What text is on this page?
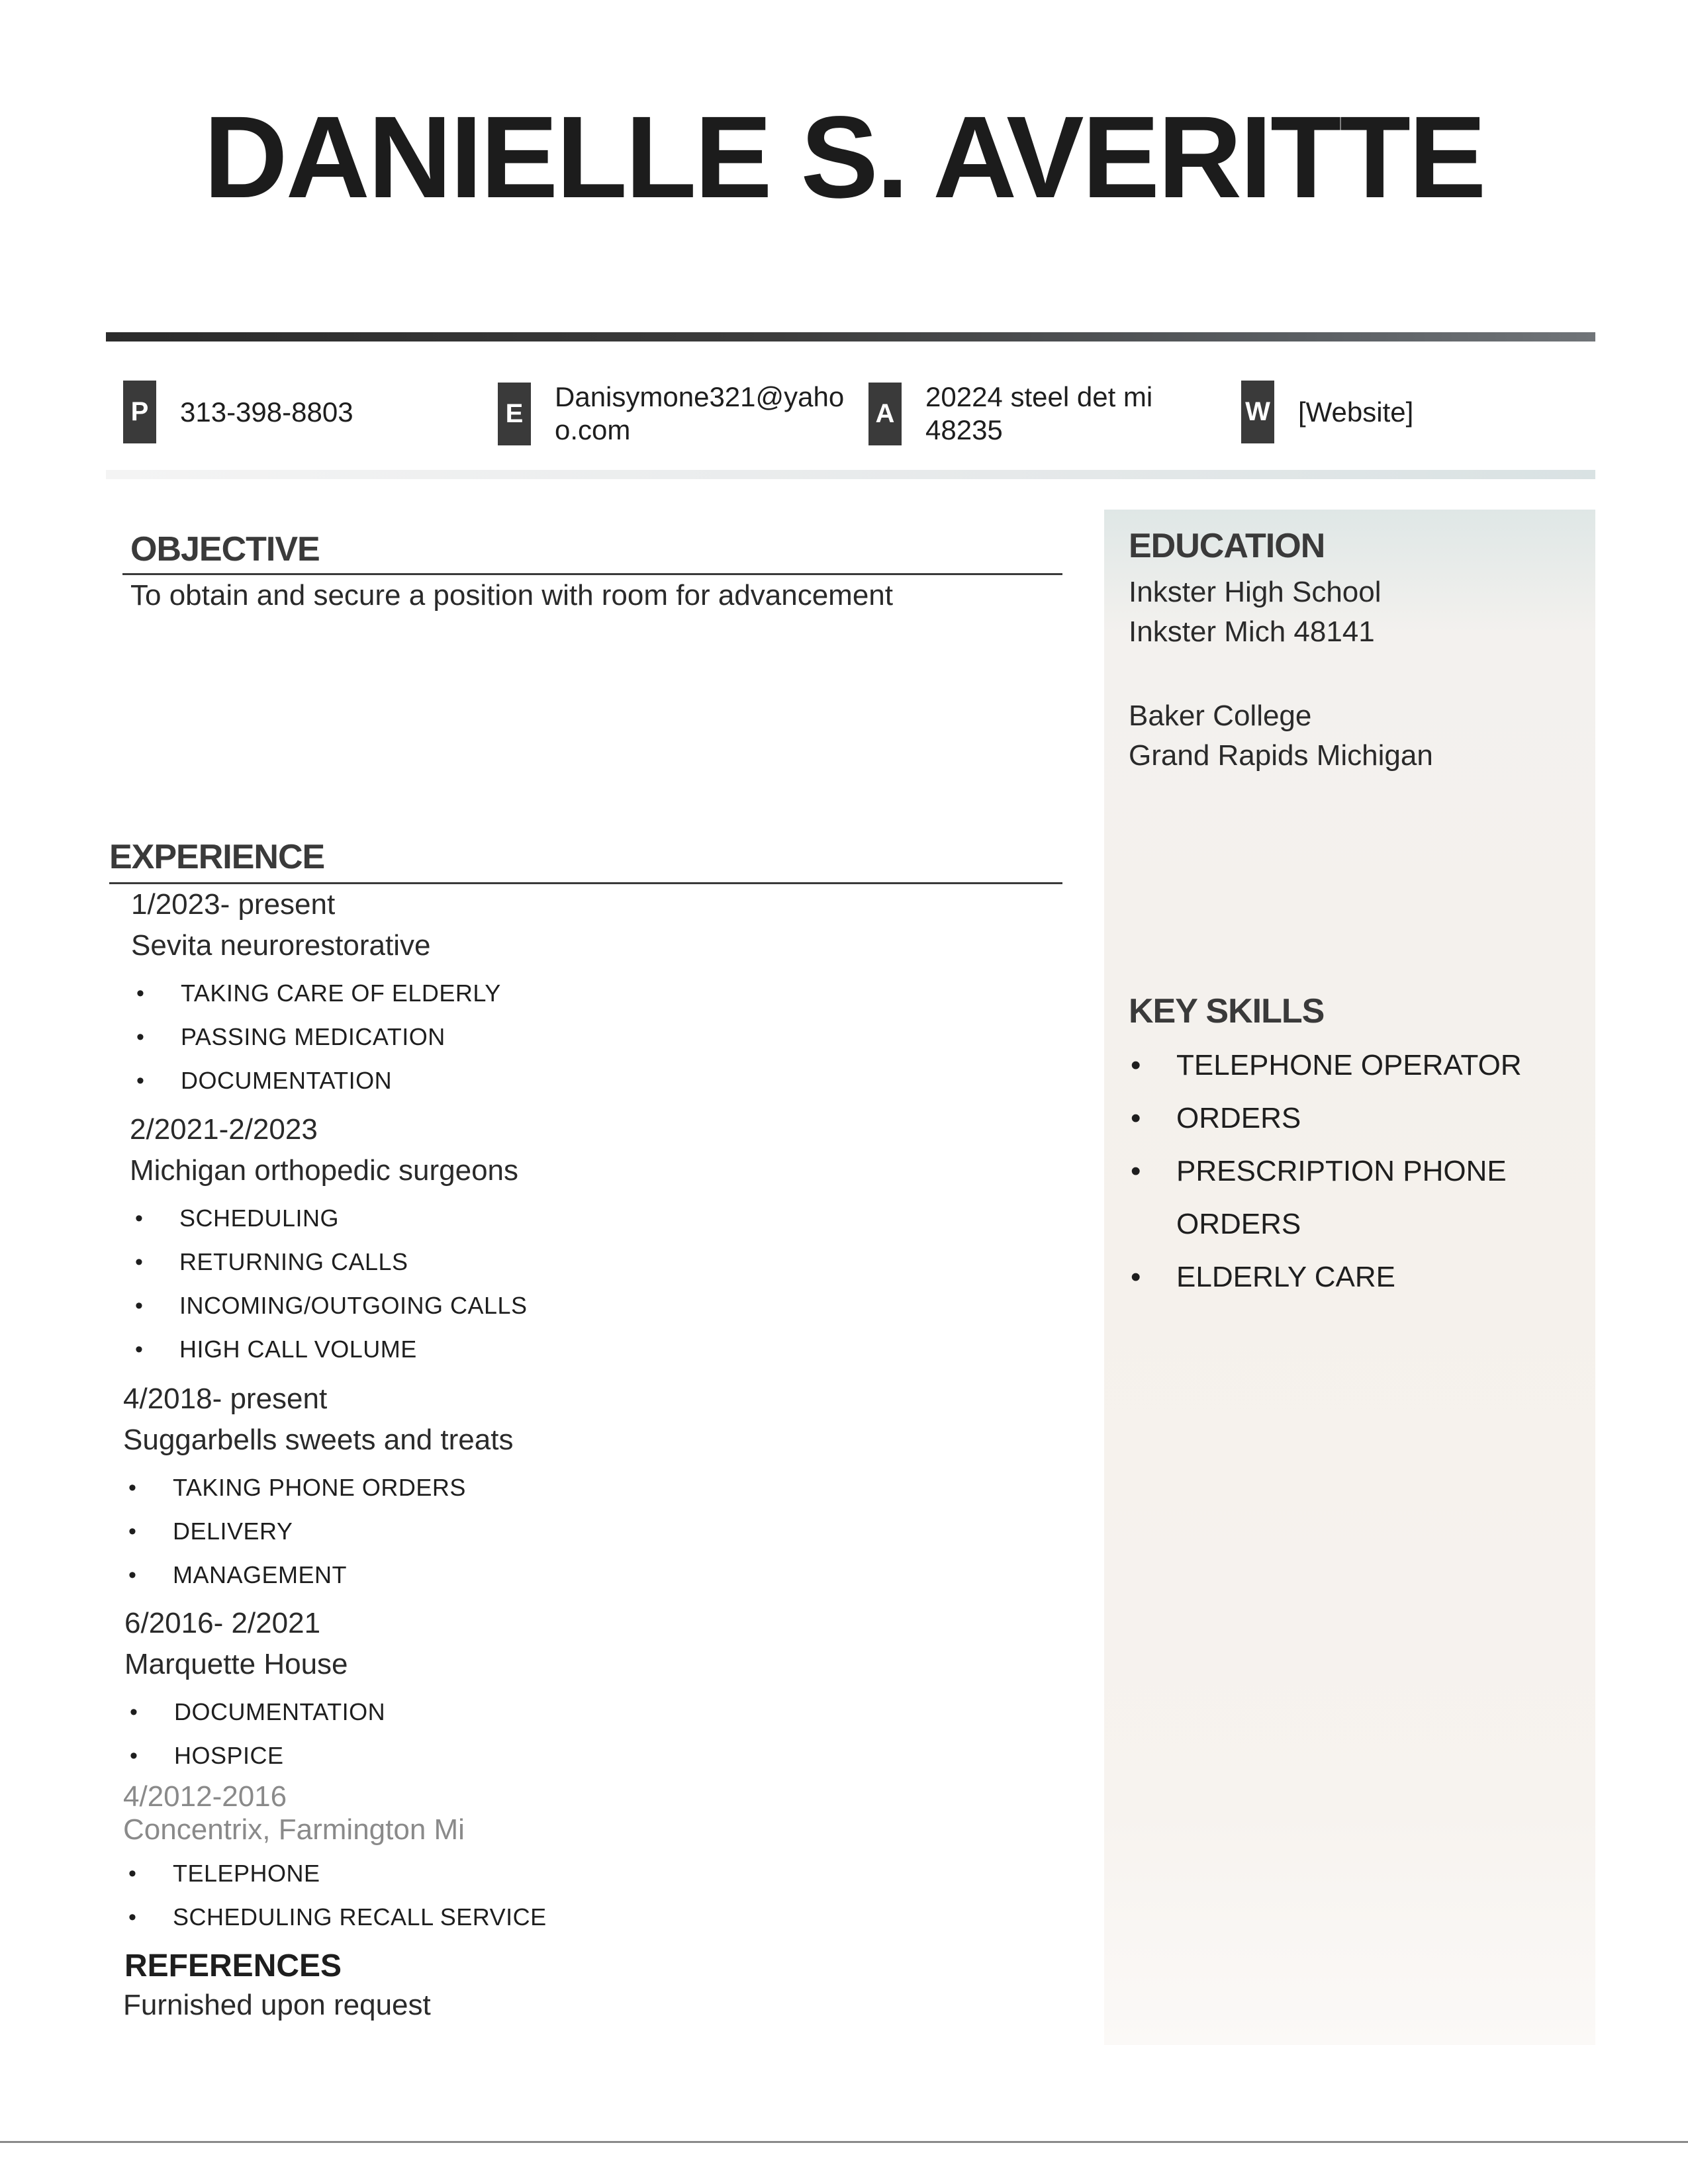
DANIELLE S. AVERITTE
P 313-398-8803	E
Danisymone321@yahoo.com
A
20224 steel det mi 48235
W [Website]
OBJECTIVE
To obtain and secure a position with room for advancement
EXPERIENCE
1/2023- present
Sevita neurorestorative
• TAKING CARE OF ELDERLY
• PASSING MEDICATION
• DOCUMENTATION
2/2021-2/2023
Michigan orthopedic surgeons
• SCHEDULING
• RETURNING CALLS
• INCOMING/OUTGOING CALLS
• HIGH CALL VOLUME
4/2018- present
Suggarbells sweets and treats
• TAKING PHONE ORDERS
• DELIVERY
• MANAGEMENT
6/2016- 2/2021
Marquette House
• DOCUMENTATION
• HOSPICE
4/2012-2016
Concentrix, Farmington Mi
• TELEPHONE
• SCHEDULING RECALL SERVICE
REFERENCES
Furnished upon request
EDUCATION
Inkster High School
Inkster Mich 48141
Baker College
Grand Rapids Michigan
KEY SKILLS
• TELEPHONE OPERATOR
• ORDERS
• PRESCRIPTION PHONE ORDERS
• ELDERLY CARE
